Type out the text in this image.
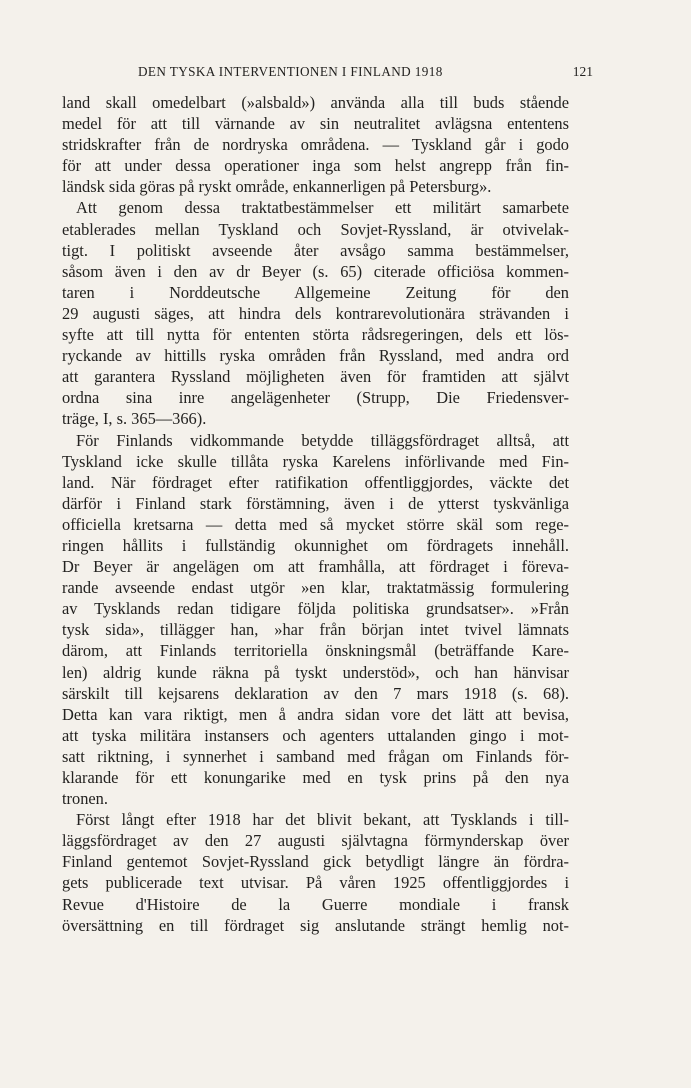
DEN TYSKA INTERVENTIONEN I FINLAND 1918	121
land skall omedelbart (»alsbald») använda alla till buds stående
medel för att till värnande av sin neutralitet avlägsna ententens
stridskrafter från de nordryska områdena. — Tyskland går i godo
för att under dessa operationer inga som helst angrepp från fin-
ländsk sida göras på ryskt område, enkannerligen på Petersburg».
Att genom dessa traktatbestämmelser ett militärt samarbete
etablerades mellan Tyskland och Sovjet-Ryssland, är otvivelak-
tigt. I politiskt avseende åter avsågo samma bestämmelser,
såsom även i den av dr Beyer (s. 65) citerade officiösa kommen-
taren i Norddeutsche Allgemeine Zeitung för den
29 augusti säges, att hindra dels kontrarevolutionära strävanden i
syfte att till nytta för ententen störta rådsregeringen, dels ett lös-
ryckande av hittills ryska områden från Ryssland, med andra ord
att garantera Ryssland möjligheten även för framtiden att självt
ordna sina inre angelägenheter (Strupp, Die Friedensver-
träge, I, s. 365—366).
För Finlands vidkommande betydde tilläggsfördraget alltså, att
Tyskland icke skulle tillåta ryska Karelens införlivande med Fin-
land. När fördraget efter ratifikation offentliggjordes, väckte det
därför i Finland stark förstämning, även i de ytterst tyskvänliga
officiella kretsarna — detta med så mycket större skäl som rege-
ringen hållits i fullständig okunnighet om fördragets innehåll.
Dr Beyer är angelägen om att framhålla, att fördraget i föreva-
rande avseende endast utgör »en klar, traktatmässig formulering
av Tysklands redan tidigare följda politiska grundsatser». »Från
tysk sida», tillägger han, »har från början intet tvivel lämnats
därom, att Finlands territoriella önskningsmål (beträffande Kare-
len) aldrig kunde räkna på tyskt understöd», och han hänvisar
särskilt till kejsarens deklaration av den 7 mars 1918 (s. 68).
Detta kan vara riktigt, men å andra sidan vore det lätt att bevisa,
att tyska militära instansers och agenters uttalanden gingo i mot-
satt riktning, i synnerhet i samband med frågan om Finlands för-
klarande för ett konungarike med en tysk prins på den nya
tronen.
Först långt efter 1918 har det blivit bekant, att Tysklands i till-
läggsfördraget av den 27 augusti självtagna förmynderskap över
Finland gentemot Sovjet-Ryssland gick betydligt längre än fördra-
gets publicerade text utvisar. På våren 1925 offentliggjordes i
Revue d'Histoire de la Guerre mondiale i fransk
översättning en till fördraget sig anslutande strängt hemlig not-
